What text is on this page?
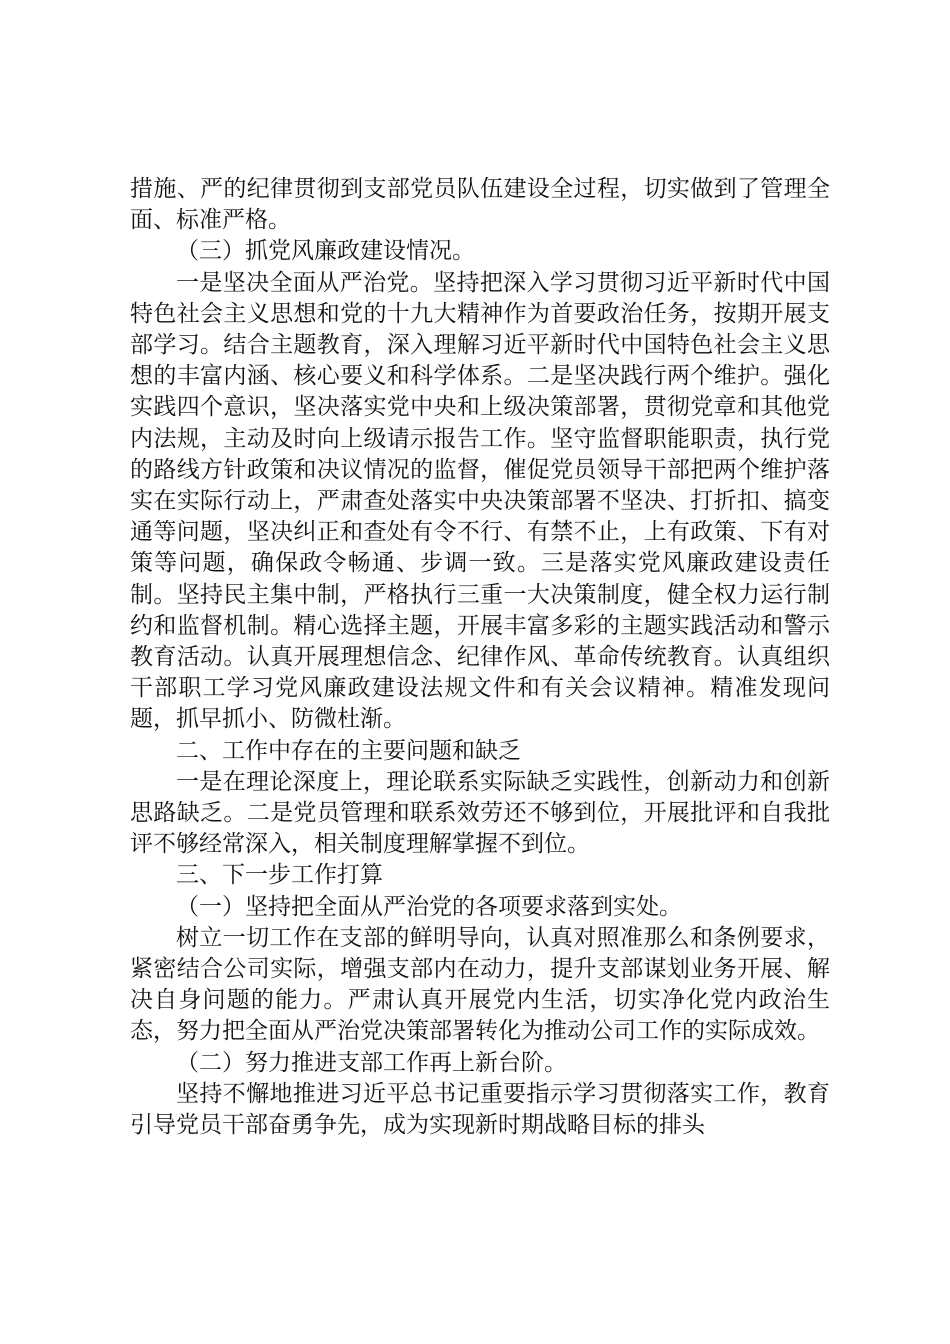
措施、严的纪律贯彻到支部党员队伍建设全过程，切实做到了管理全面、标准严格。

（三）抓党风廉政建设情况。

一是坚决全面从严治党。坚持把深入学习贯彻习近平新时代中国特色社会主义思想和党的十九大精神作为首要政治任务，按期开展支部学习。结合主题教育，深入理解习近平新时代中国特色社会主义思想的丰富内涵、核心要义和科学体系。二是坚决践行两个维护。强化实践四个意识，坚决落实党中央和上级决策部署，贯彻党章和其他党内法规，主动及时向上级请示报告工作。坚守监督职能职责，执行党的路线方针政策和决议情况的监督，催促党员领导干部把两个维护落实在实际行动上，严肃查处落实中央决策部署不坚决、打折扣、搞变通等问题，坚决纠正和查处有令不行、有禁不止，上有政策、下有对策等问题，确保政令畅通、步调一致。三是落实党风廉政建设责任制。坚持民主集中制，严格执行三重一大决策制度，健全权力运行制约和监督机制。精心选择主题，开展丰富多彩的主题实践活动和警示教育活动。认真开展理想信念、纪律作风、革命传统教育。认真组织干部职工学习党风廉政建设法规文件和有关会议精神。精准发现问题，抓早抓小、防微杜渐。

二、工作中存在的主要问题和缺乏

一是在理论深度上，理论联系实际缺乏实践性，创新动力和创新思路缺乏。二是党员管理和联系效劳还不够到位，开展批评和自我批评不够经常深入，相关制度理解掌握不到位。

三、下一步工作打算

（一）坚持把全面从严治党的各项要求落到实处。

树立一切工作在支部的鲜明导向，认真对照准那么和条例要求，紧密结合公司实际，增强支部内在动力，提升支部谋划业务开展、解决自身问题的能力。严肃认真开展党内生活，切实净化党内政治生态，努力把全面从严治党决策部署转化为推动公司工作的实际成效。

（二）努力推进支部工作再上新台阶。

坚持不懈地推进习近平总书记重要指示学习贯彻落实工作，教育引导党员干部奋勇争先，成为实现新时期战略目标的排头
